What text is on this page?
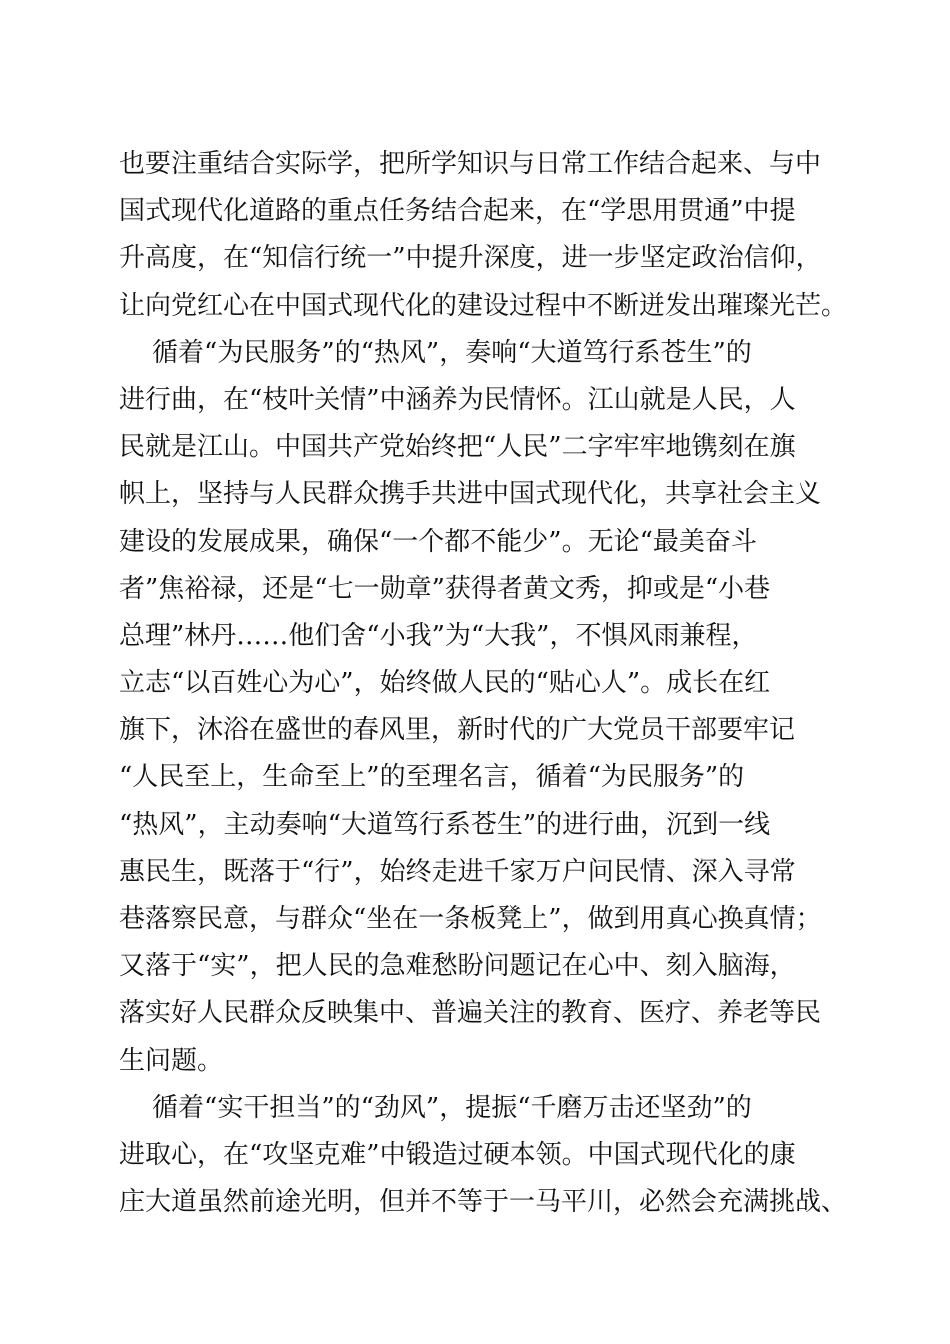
也要注重结合实际学，把所学知识与日常工作结合起来、与中
国式现代化道路的重点任务结合起来，在“学思用贯通”中提
升高度，在“知信行统一”中提升深度，进一步坚定政治信仰，
让向党红心在中国式现代化的建设过程中不断迸发出璀璨光芒。
循着“为民服务”的“热风”，奏响“大道笃行系苍生”的
进行曲，在“枝叶关情”中涵养为民情怀。江山就是人民，人
民就是江山。中国共产党始终把“人民”二字牢牢地镌刻在旗
帜上，坚持与人民群众携手共进中国式现代化，共享社会主义
建设的发展成果，确保“一个都不能少”。无论“最美奋斗
者”焦裕禄，还是“七一勋章”获得者黄文秀，抑或是“小巷
总理”林丹……他们舍“小我”为“大我”，不惧风雨兼程，
立志“以百姓心为心”，始终做人民的“贴心人”。成长在红
旗下，沐浴在盛世的春风里，新时代的广大党员干部要牢记
“人民至上，生命至上”的至理名言，循着“为民服务”的
“热风”，主动奏响“大道笃行系苍生”的进行曲，沉到一线
惠民生，既落于“行”，始终走进千家万户问民情、深入寻常
巷落察民意，与群众“坐在一条板凳上”，做到用真心换真情；
又落于“实”，把人民的急难愁盼问题记在心中、刻入脑海，
落实好人民群众反映集中、普遍关注的教育、医疗、养老等民
生问题。
循着“实干担当”的“劲风”，提振“千磨万击还坚劲”的
进取心，在“攻坚克难”中锻造过硬本领。中国式现代化的康
庄大道虽然前途光明，但并不等于一马平川，必然会充满挑战、
